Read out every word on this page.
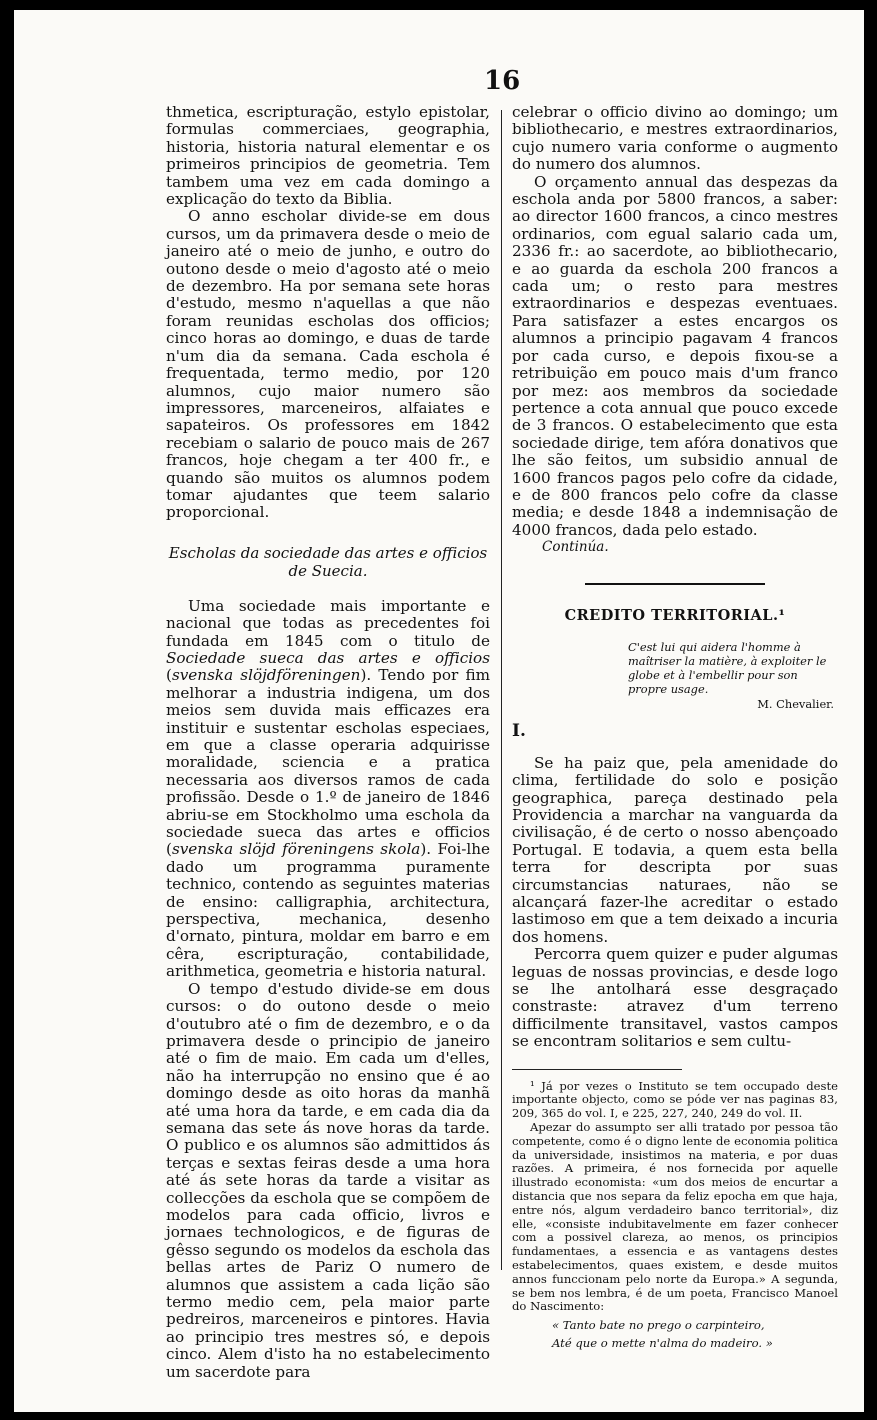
16

thmetica, escripturação, estylo epistolar, formulas commerciaes, geographia, historia, historia natural elementar e os primeiros principios de geometria. Tem tambem uma vez em cada domingo a explicação do texto da Biblia.

O anno escholar divide-se em dous cursos, um da primavera desde o meio de janeiro até o meio de junho, e outro do outono desde o meio d'agosto até o meio de dezembro. Ha por semana sete horas d'estudo, mesmo n'aquellas a que não foram reunidas escholas dos officios; cinco horas ao domingo, e duas de tarde n'um dia da semana. Cada eschola é frequentada, termo medio, por 120 alumnos, cujo maior numero são impressores, marceneiros, alfaiates e sapateiros. Os professores em 1842 recebiam o salario de pouco mais de 267 francos, hoje chegam a ter 400 fr., e quando são muitos os alumnos podem tomar ajudantes que teem salario proporcional.

Escholas da sociedade das artes e officios
de Suecia.

Uma sociedade mais importante e nacional que todas as precedentes foi fundada em 1845 com o titulo de Sociedade sueca das artes e officios (svenska slöjdföreningen). Tendo por fim melhorar a industria indigena, um dos meios sem duvida mais efficazes era instituir e sustentar escholas especiaes, em que a classe operaria adquirisse moralidade, sciencia e a pratica necessaria aos diversos ramos de cada profissão. Desde o 1.º de janeiro de 1846 abriu-se em Stockholmo uma eschola da sociedade sueca das artes e officios (svenska slöjd föreningens skola). Foi-lhe dado um programma puramente technico, contendo as seguintes materias de ensino: calligraphia, architectura, perspectiva, mechanica, desenho d'ornato, pintura, moldar em barro e em cêra, escripturação, contabilidade, arithmetica, geometria e historia natural.

O tempo d'estudo divide-se em dous cursos: o do outono desde o meio d'outubro até o fim de dezembro, e o da primavera desde o principio de janeiro até o fim de maio. Em cada um d'elles, não ha interrupção no ensino que é ao domingo desde as oito horas da manhã até uma hora da tarde, e em cada dia da semana das sete ás nove horas da tarde. O publico e os alumnos são admittidos ás terças e sextas feiras desde a uma hora até ás sete horas da tarde a visitar as collecções da eschola que se compõem de modelos para cada officio, livros e jornaes technologicos, e de figuras de gêsso segundo os modelos da eschola das bellas artes de Pariz O numero de alumnos que assistem a cada lição são termo medio cem, pela maior parte pedreiros, marceneiros e pintores. Havia ao principio tres mestres só, e depois cinco. Alem d'isto ha no estabelecimento um sacerdote para

celebrar o officio divino ao domingo; um bibliothecario, e mestres extraordinarios, cujo numero varia conforme o augmento do numero dos alumnos.

O orçamento annual das despezas da eschola anda por 5800 francos, a saber: ao director 1600 francos, a cinco mestres ordinarios, com egual salario cada um, 2336 fr.: ao sacerdote, ao bibliothecario, e ao guarda da eschola 200 francos a cada um; o resto para mestres extraordinarios e despezas eventuaes. Para satisfazer a estes encargos os alumnos a principio pagavam 4 francos por cada curso, e depois fixou-se a retribuição em pouco mais d'um franco por mez: aos membros da sociedade pertence a cota annual que pouco excede de 3 francos. O estabelecimento que esta sociedade dirige, tem afóra donativos que lhe são feitos, um subsidio annual de 1600 francos pagos pelo cofre da cidade, e de 800 francos pelo cofre da classe media; e desde 1848 a indemnisação de 4000 francos, dada pelo estado.

Continúa.
CREDITO TERRITORIAL.¹
C'est lui qui aidera l'homme à maîtriser la matière, à exploiter le globe et à l'embellir pour son propre usage.
M. Chevalier.
I.

Se ha paiz que, pela amenidade do clima, fertilidade do solo e posição geographica, pareça destinado pela Providencia a marchar na vanguarda da civilisação, é de certo o nosso abençoado Portugal. E todavia, a quem esta bella terra for descripta por suas circumstancias naturaes, não se alcançará fazer-lhe acreditar o estado lastimoso em que a tem deixado a incuria dos homens.

Percorra quem quizer e puder algumas leguas de nossas provincias, e desde logo se lhe antolhará esse desgraçado constraste: atravez d'um terreno difficilmente transitavel, vastos campos se encontram solitarios e sem cultu-

¹ Já por vezes o Instituto se tem occupado deste importante objecto, como se póde ver nas paginas 83, 209, 365 do vol. I, e 225, 227, 240, 249 do vol. II.

Apezar do assumpto ser alli tratado por pessoa tão competente, como é o digno lente de economia politica da universidade, insistimos na materia, e por duas razões. A primeira, é nos fornecida por aquelle illustrado economista: «um dos meios de encurtar a distancia que nos separa da feliz epocha em que haja, entre nós, algum verdadeiro banco territorial», diz elle, «consiste indubitavelmente em fazer conhecer com a possivel clareza, ao menos, os principios fundamentaes, a essencia e as vantagens destes estabelecimentos, quaes existem, e desde muitos annos funccionam pelo norte da Europa.» A segunda, se bem nos lembra, é de um poeta, Francisco Manoel do Nascimento:

« Tanto bate no prego o carpinteiro,
Até que o mette n'alma do madeiro. »
